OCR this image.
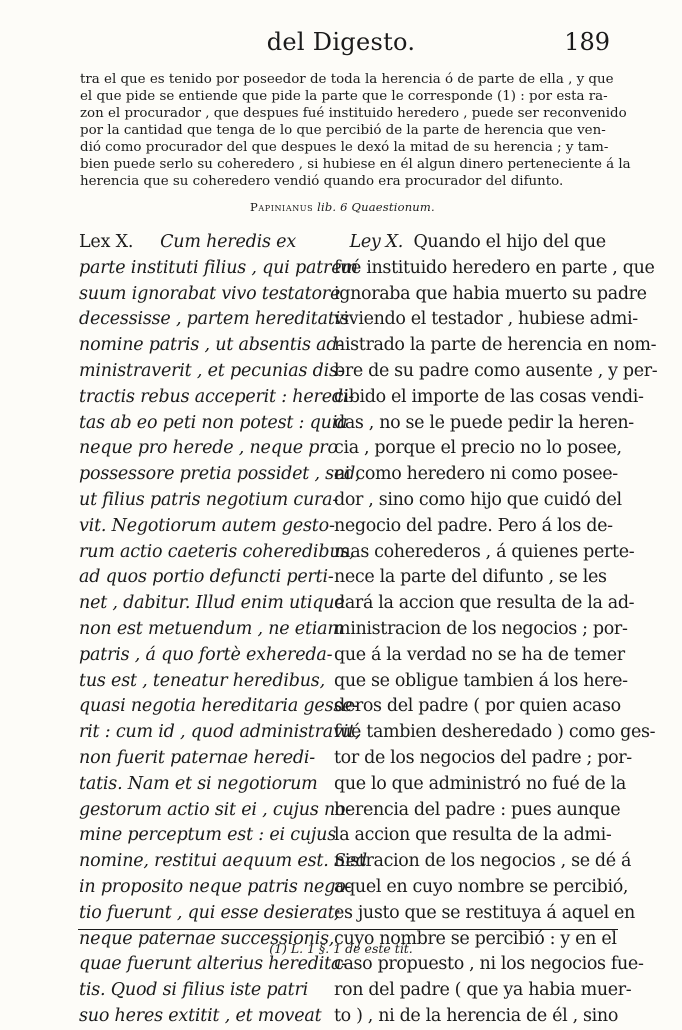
del Digesto.	189
tra el que es tenido por poseedor de toda la herencia ó de parte de ella , y que
el que pide se entiende que pide la parte que le corresponde (1) : por esta ra-
zon el procurador , que despues fué instituido heredero , puede ser reconvenido
por la cantidad que tenga de lo que percibió de la parte de herencia que ven-
dió como procurador del que despues le dexó la mitad de su herencia ; y tam-
bien puede serlo su coheredero , si hubiese en él algun dinero perteneciente á la
herencia que su coheredero vendió quando era procurador del difunto.
Papinianus lib. 6 Quaestionum.
Lex X. Cum heredis ex
parte instituti filius , qui patrem
suum ignorabat vivo testatore
decessisse , partem hereditatis
nomine patris , ut absentis ad-
ministraverit , et pecunias dis-
tractis rebus acceperit : heredi-
tas ab eo peti non potest : quia
neque pro herede , neque pro
possessore pretia possidet , sed,
ut filius patris negotium cura-
vit. Negotiorum autem gesto-
rum actio caeteris coheredibus,
ad quos portio defuncti perti-
net , dabitur. Illud enim utique
non est metuendum , ne etiam
patris , á quo fortè exhereda-
tus est , teneatur heredibus,
quasi negotia hereditaria gesse-
rit : cum id , quod administravit,
non fuerit paternae heredi-
tatis. Nam et si negotiorum
gestorum actio sit ei , cujus no-
mine perceptum est : ei cujus
nomine, restitui aequum est. Sed
in proposito neque patris nego-
tio fuerunt , qui esse desierat;
neque paternae successionis,
quae fuerunt alterius heredita-
tis. Quod si filius iste patri
suo heres extitit , et moveat
Ley X. Quando el hijo del que
fué instituido heredero en parte , que
ignoraba que habia muerto su padre
viviendo el testador , hubiese admi-
nistrado la parte de herencia en nom-
bre de su padre como ausente , y per-
cibido el importe de las cosas vendi-
das , no se le puede pedir la heren-
cia , porque el precio no lo posee,
ni como heredero ni como posee-
dor , sino como hijo que cuidó del
negocio del padre. Pero á los de-
mas coherederos , á quienes perte-
nece la parte del difunto , se les
dará la accion que resulta de la ad-
ministracion de los negocios ; por-
que á la verdad no se ha de temer
que se obligue tambien á los here-
deros del padre ( por quien acaso
fué tambien desheredado ) como ges-
tor de los negocios del padre ; por-
que lo que administró no fué de la
herencia del padre : pues aunque
la accion que resulta de la admi-
nistracion de los negocios , se dé á
aquel en cuyo nombre se percibió,
es justo que se restituya á aquel en
cuyo nombre se percibió : y en el
caso propuesto , ni los negocios fue-
ron del padre ( que ya habia muer-
to ) , ni de la herencia de él , sino
(1) L. 1 §. 1 de este tít.
